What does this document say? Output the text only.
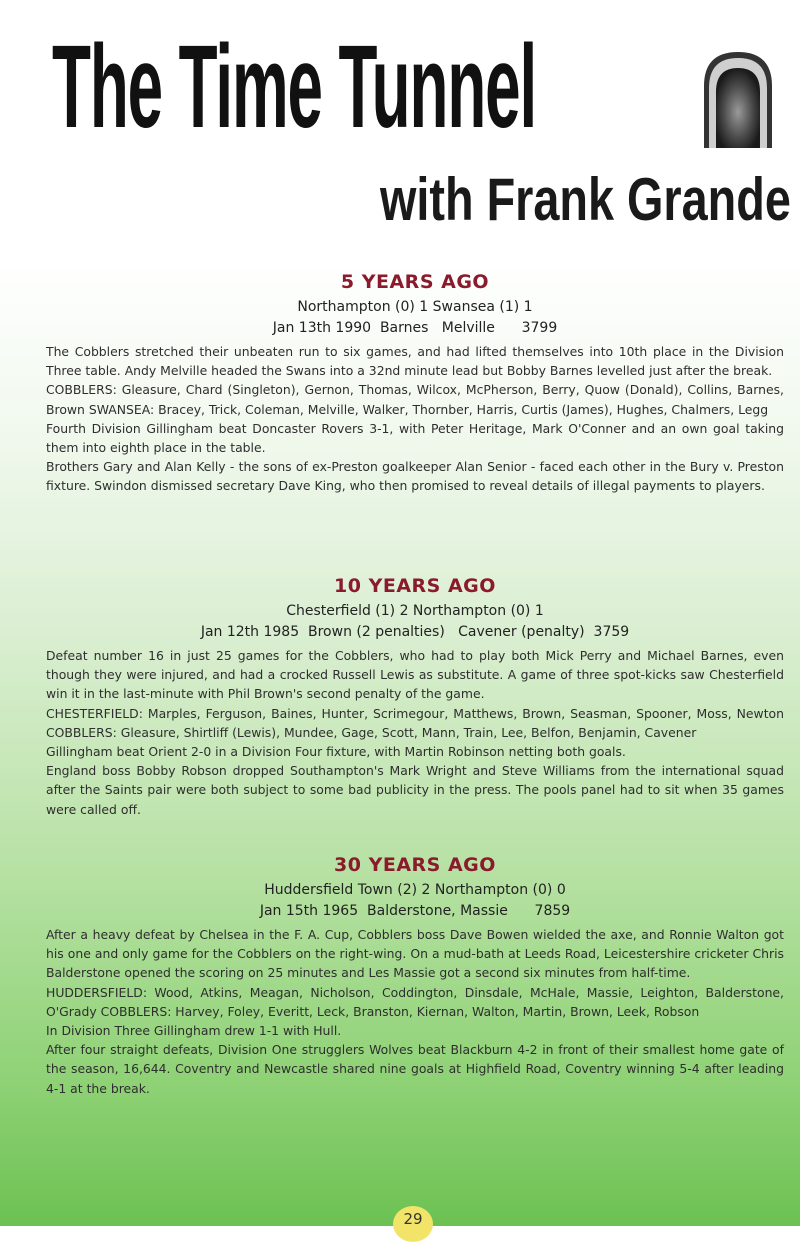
The Time Tunnel
with Frank Grande
5 YEARS AGO

Northampton (0) 1 Swansea (1) 1

Jan 13th 1990  Barnes   Melville      3799

The Cobblers stretched their unbeaten run to six games, and had lifted themselves into 10th place in the Division Three table. Andy Melville headed the Swans into a 32nd minute lead but Bobby Barnes levelled just after the break.

COBBLERS: Gleasure, Chard (Singleton), Gernon, Thomas, Wilcox, McPherson, Berry, Quow (Donald), Collins, Barnes, Brown SWANSEA: Bracey, Trick, Coleman, Melville, Walker, Thornber, Harris, Curtis (James), Hughes, Chalmers, Legg

Fourth Division Gillingham beat Doncaster Rovers 3-1, with Peter Heritage, Mark O'Conner and an own goal taking them into eighth place in the table.

Brothers Gary and Alan Kelly - the sons of ex-Preston goalkeeper Alan Senior - faced each other in the Bury v. Preston fixture. Swindon dismissed secretary Dave King, who then promised to reveal details of illegal payments to players.

10 YEARS AGO

Chesterfield (1) 2 Northampton (0) 1

Jan 12th 1985  Brown (2 penalties)   Cavener (penalty)  3759

Defeat number 16 in just 25 games for the Cobblers, who had to play both Mick Perry and Michael Barnes, even though they were injured, and had a crocked Russell Lewis as substitute. A game of three spot-kicks saw Chesterfield win it in the last-minute with Phil Brown's second penalty of the game.

CHESTERFIELD: Marples, Ferguson, Baines, Hunter, Scrimegour, Matthews, Brown, Seasman, Spooner, Moss, Newton COBBLERS: Gleasure, Shirtliff (Lewis), Mundee, Gage, Scott, Mann, Train, Lee, Belfon, Benjamin, Cavener

Gillingham beat Orient 2-0 in a Division Four fixture, with Martin Robinson netting both goals.

England boss Bobby Robson dropped Southampton's Mark Wright and Steve Williams from the international squad after the Saints pair were both subject to some bad publicity in the press. The pools panel had to sit when 35 games were called off.

30 YEARS AGO

Huddersfield Town (2) 2 Northampton (0) 0

Jan 15th 1965  Balderstone, Massie      7859

After a heavy defeat by Chelsea in the F. A. Cup, Cobblers boss Dave Bowen wielded the axe, and Ronnie Walton got his one and only game for the Cobblers on the right-wing. On a mud-bath at Leeds Road, Leicestershire cricketer Chris Balderstone opened the scoring on 25 minutes and Les Massie got a second six minutes from half-time.

HUDDERSFIELD: Wood, Atkins, Meagan, Nicholson, Coddington, Dinsdale, McHale, Massie, Leighton, Balderstone, O'Grady COBBLERS: Harvey, Foley, Everitt, Leck, Branston, Kiernan, Walton, Martin, Brown, Leek, Robson

In Division Three Gillingham drew 1-1 with Hull.

After four straight defeats, Division One strugglers Wolves beat Blackburn 4-2 in front of their smallest home gate of the season, 16,644. Coventry and Newcastle shared nine goals at Highfield Road, Coventry winning 5-4 after leading 4-1 at the break.

29
